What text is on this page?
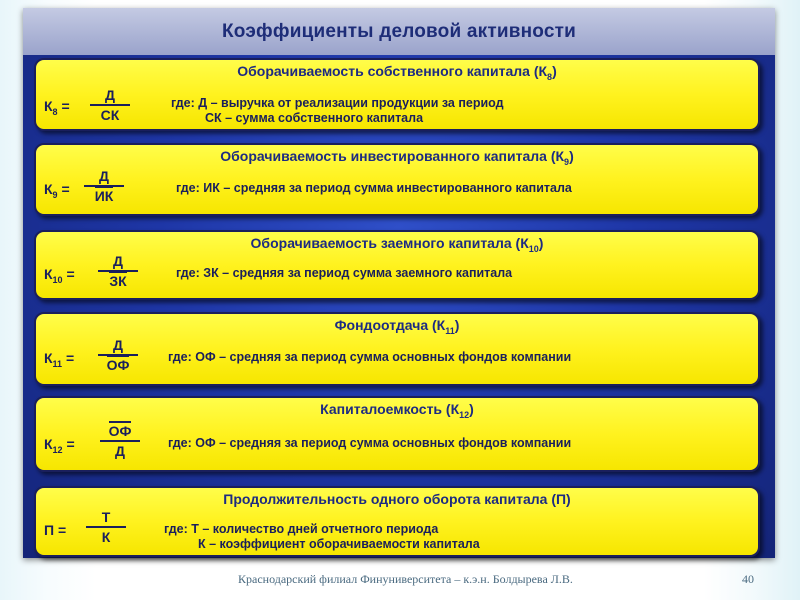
Коэффициенты деловой активности
Оборачиваемость собственного капитала $(К_8)$
$К_8$ =
Д
СК
где: Д – выручка от реализации продукции за период
СК – сумма собственного капитала
Оборачиваемость инвестированного капитала $(К_9)$
$К_9$ =
Д
ИК	где: ИК – средняя за период сумма инвестированного капитала
Оборачиваемость заемного капитала $(К_{10})$
$К_{10}$ =
Д
ЗК	где: ЗК – средняя за период сумма заемного капитала
Фондоотдача $(К_{11})$
$К_{11}$ =
Д
ОФ	где: ОФ – средняя за период сумма основных фондов компании
Капиталоемкость $(К_{12})$
$К_{12}$ =
ОФ
Д	где: ОФ – средняя за период сумма основных фондов компании
Продолжительность одного оборота капитала (П)
П =
Т
К	где: Т – количество дней отчетного периода
К – коэффициент оборачиваемости капитала
Краснодарский филиал Финуниверситета – к.э.н. Болдырева Л.В.	40
